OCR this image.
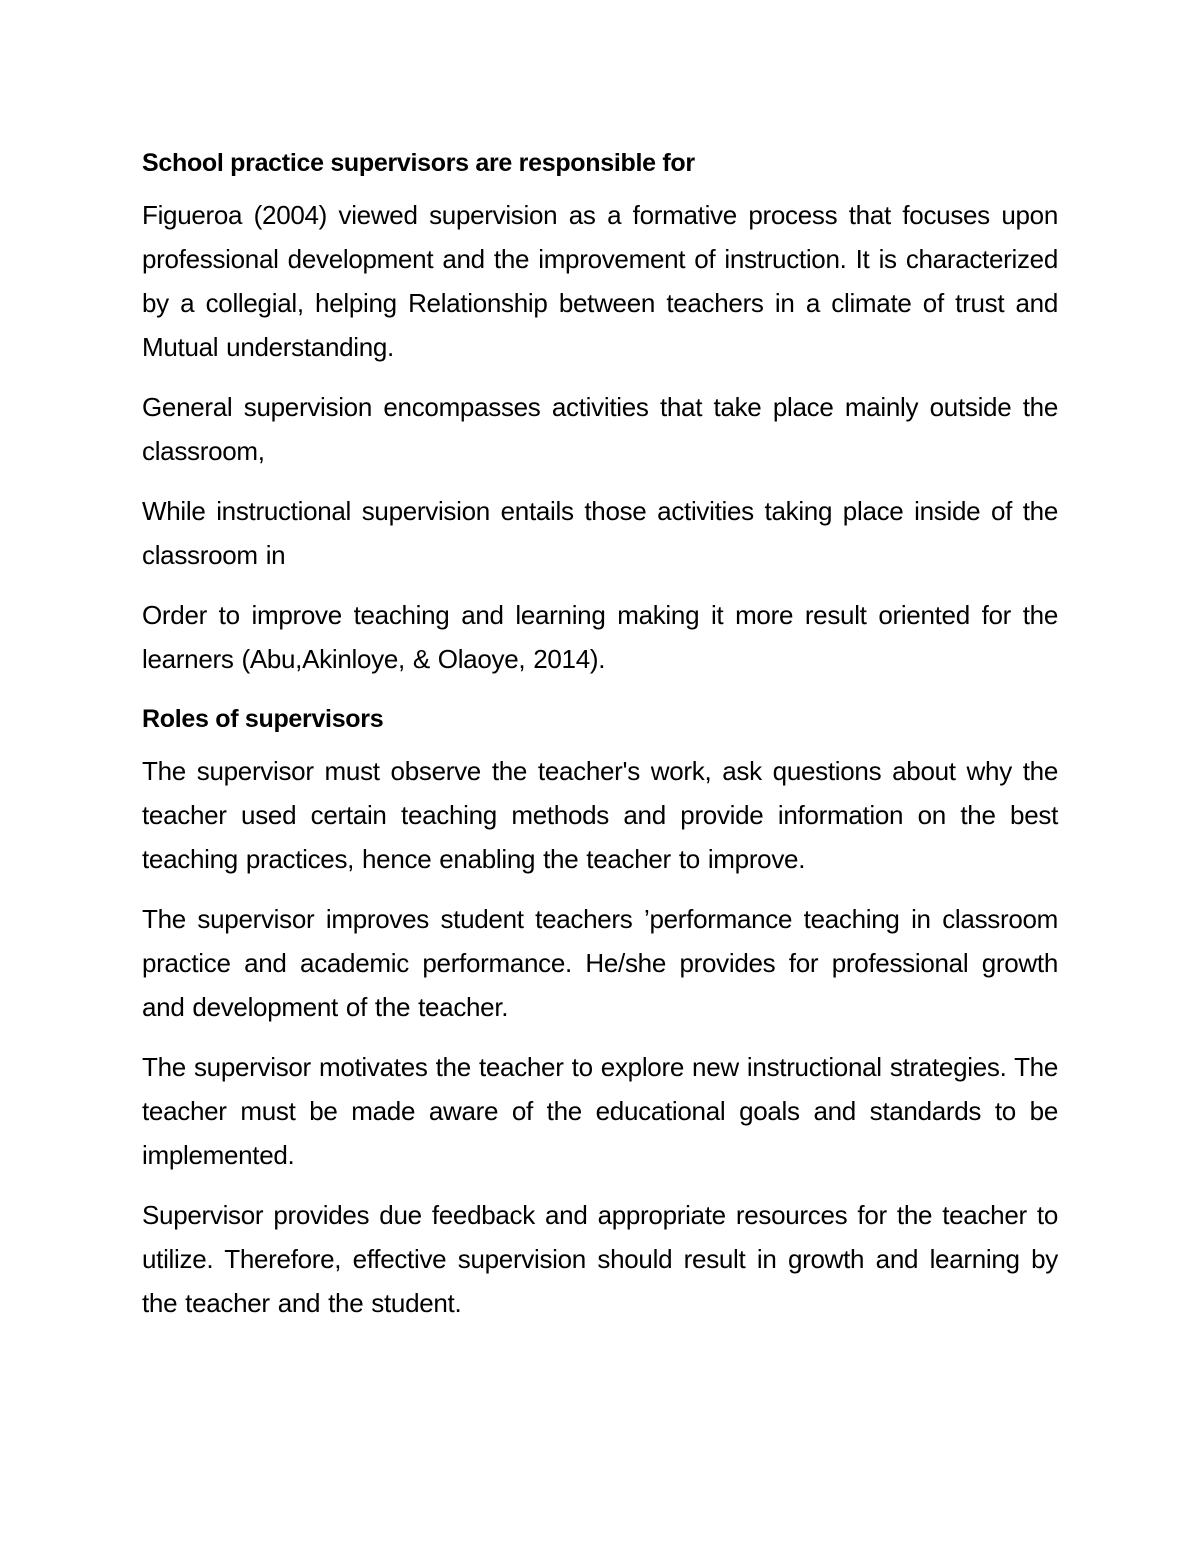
School practice supervisors are responsible for

Figueroa (2004) viewed supervision as a formative process that focuses upon professional development and the improvement of instruction. It is characterized by a collegial, helping Relationship between teachers in a climate of trust and Mutual understanding.

General supervision encompasses activities that take place mainly outside the classroom,

While instructional supervision entails those activities taking place inside of the classroom in

Order to improve teaching and learning making it more result oriented for the learners (Abu,Akinloye, & Olaoye, 2014).

Roles of supervisors

The supervisor must observe the teacher's work, ask questions about why the teacher used certain teaching methods and provide information on the best teaching practices, hence enabling the teacher to improve.

The supervisor improves student teachers ’performance teaching in classroom practice and academic performance. He/she provides for professional growth and development of the teacher.

The supervisor motivates the teacher to explore new instructional strategies. The teacher must be made aware of the educational goals and standards to be implemented.

Supervisor provides due feedback and appropriate resources for the teacher to utilize. Therefore, effective supervision should result in growth and learning by the teacher and the student.
